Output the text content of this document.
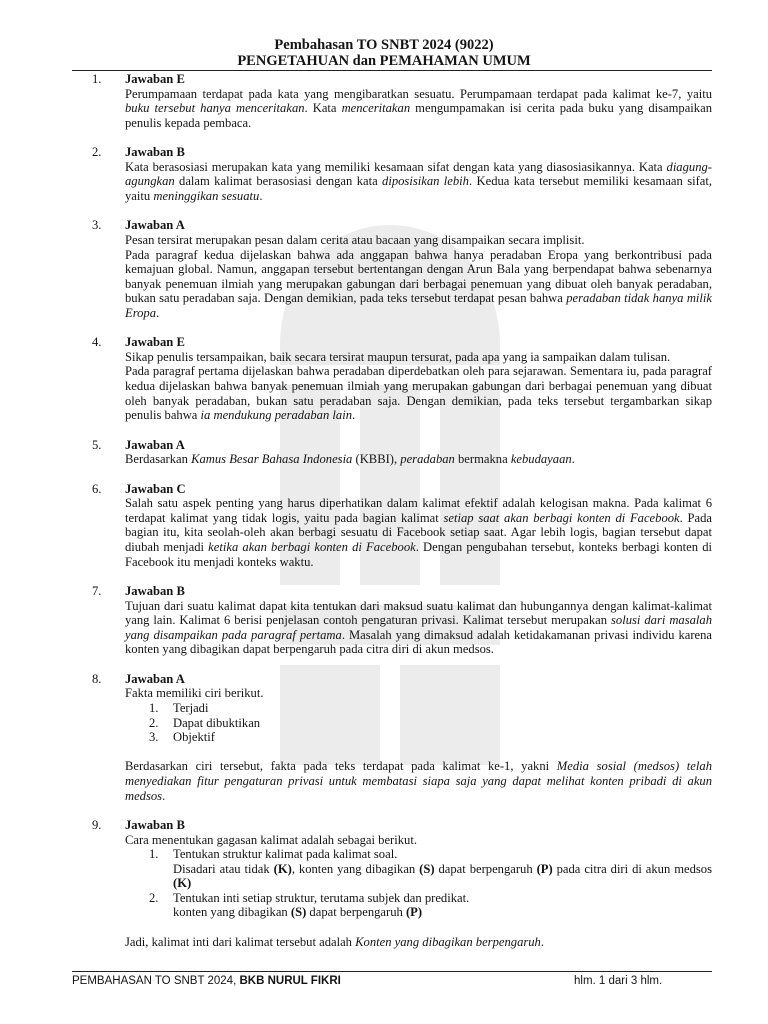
Pembahasan TO SNBT 2024 (9022)
PENGETAHUAN dan PEMAHAMAN UMUM
1. Jawaban E

Perumpamaan terdapat pada kata yang mengibaratkan sesuatu. Perumpamaan terdapat pada kalimat ke-7, yaitu buku tersebut hanya menceritakan. Kata menceritakan mengumpamakan isi cerita pada buku yang disampaikan penulis kepada pembaca.

2. Jawaban B

Kata berasosiasi merupakan kata yang memiliki kesamaan sifat dengan kata yang diasosiasikannya. Kata diagung-agungkan dalam kalimat berasosiasi dengan kata diposisikan lebih. Kedua kata tersebut memiliki kesamaan sifat, yaitu meninggikan sesuatu.

3. Jawaban A

Pesan tersirat merupakan pesan dalam cerita atau bacaan yang disampaikan secara implisit.

Pada paragraf kedua dijelaskan bahwa ada anggapan bahwa hanya peradaban Eropa yang berkontribusi pada kemajuan global. Namun, anggapan tersebut bertentangan dengan Arun Bala yang berpendapat bahwa sebenarnya banyak penemuan ilmiah yang merupakan gabungan dari berbagai penemuan yang dibuat oleh banyak peradaban, bukan satu peradaban saja. Dengan demikian, pada teks tersebut terdapat pesan bahwa peradaban tidak hanya milik Eropa.

4. Jawaban E

Sikap penulis tersampaikan, baik secara tersirat maupun tersurat, pada apa yang ia sampaikan dalam tulisan.

Pada paragraf pertama dijelaskan bahwa peradaban diperdebatkan oleh para sejarawan. Sementara iu, pada paragraf kedua dijelaskan bahwa banyak penemuan ilmiah yang merupakan gabungan dari berbagai penemuan yang dibuat oleh banyak peradaban, bukan satu peradaban saja. Dengan demikian, pada teks tersebut tergambarkan sikap penulis bahwa ia mendukung peradaban lain.

5. Jawaban A

Berdasarkan Kamus Besar Bahasa Indonesia (KBBI), peradaban bermakna kebudayaan.

6. Jawaban C

Salah satu aspek penting yang harus diperhatikan dalam kalimat efektif adalah kelogisan makna. Pada kalimat 6 terdapat kalimat yang tidak logis, yaitu pada bagian kalimat setiap saat akan berbagi konten di Facebook. Pada bagian itu, kita seolah-oleh akan berbagi sesuatu di Facebook setiap saat. Agar lebih logis, bagian tersebut dapat diubah menjadi ketika akan berbagi konten di Facebook. Dengan pengubahan tersebut, konteks berbagi konten di Facebook itu menjadi konteks waktu.

7. Jawaban B

Tujuan dari suatu kalimat dapat kita tentukan dari maksud suatu kalimat dan hubungannya dengan kalimat-kalimat yang lain. Kalimat 6 berisi penjelasan contoh pengaturan privasi. Kalimat tersebut merupakan solusi dari masalah yang disampaikan pada paragraf pertama. Masalah yang dimaksud adalah ketidakamanan privasi individu karena konten yang dibagikan dapat berpengaruh pada citra diri di akun medsos.

8. Jawaban A

Fakta memiliki ciri berikut.

1. Terjadi
2. Dapat dibuktikan
3. Objektif

Berdasarkan ciri tersebut, fakta pada teks terdapat pada kalimat ke-1, yakni Media sosial (medsos) telah menyediakan fitur pengaturan privasi untuk membatasi siapa saja yang dapat melihat konten pribadi di akun medsos.

9. Jawaban B

Cara menentukan gagasan kalimat adalah sebagai berikut.

1. Tentukan struktur kalimat pada kalimat soal.
Disadari atau tidak (K), konten yang dibagikan (S) dapat berpengaruh (P) pada citra diri di akun medsos (K)
2. Tentukan inti setiap struktur, terutama subjek dan predikat.
konten yang dibagikan (S) dapat berpengaruh (P)

Jadi, kalimat inti dari kalimat tersebut adalah Konten yang dibagikan berpengaruh.

PEMBAHASAN TO SNBT 2024, BKB NURUL FIKRI	hlm. 1 dari 3 hlm.
